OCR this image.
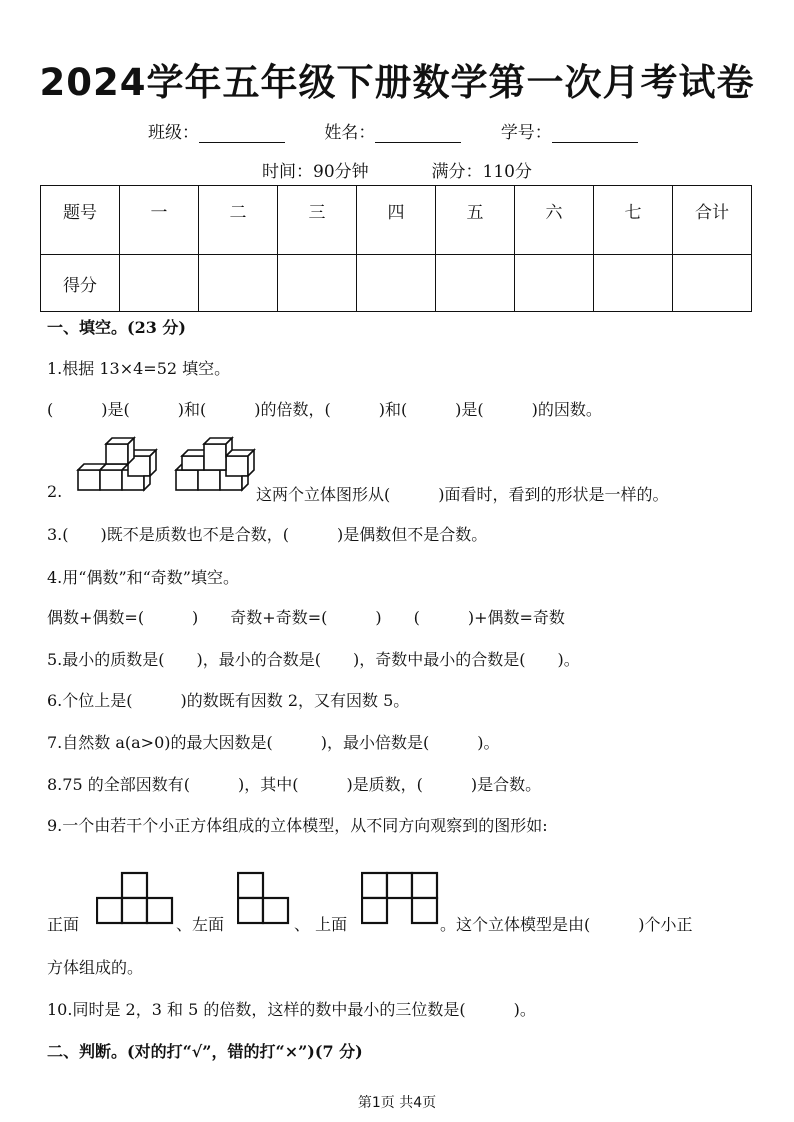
2024学年五年级下册数学第一次月考试卷
班级：	姓名：	学号：
时间：90分钟	满分：110分
题号	一	二	三	四	五	六	七	合计
得分								
一、填空。(23 分)
1.根据 13×4=52 填空。
(　　　)是(　　　)和(　　　)的倍数，(　　　)和(　　　)是(　　　)的因数。
2.	这两个立体图形从(　　　)面看时，看到的形状是一样的。
3.(　　)既不是质数也不是合数，(　　　)是偶数但不是合数。
4.用“偶数”和“奇数”填空。
偶数+偶数=(　　　)　　奇数+奇数=(　　　)　　(　　　)+偶数=奇数
5.最小的质数是(　　)，最小的合数是(　　)，奇数中最小的合数是(　　)。
6.个位上是(　　　)的数既有因数 2，又有因数 5。
7.自然数 a(a>0)的最大因数是(　　　)，最小倍数是(　　　)。
8.75 的全部因数有(　　　)，其中(　　　)是质数，(　　　)是合数。
9.一个由若干个小正方体组成的立体模型，从不同方向观察到的图形如:
正面	、左面	、 上面	。这个立体模型是由(　　　)个小正
方体组成的。
10.同时是 2，3 和 5 的倍数，这样的数中最小的三位数是(　　　)。
二、判断。(对的打“√”，错的打“×”)(7 分)
第1页 共4页
